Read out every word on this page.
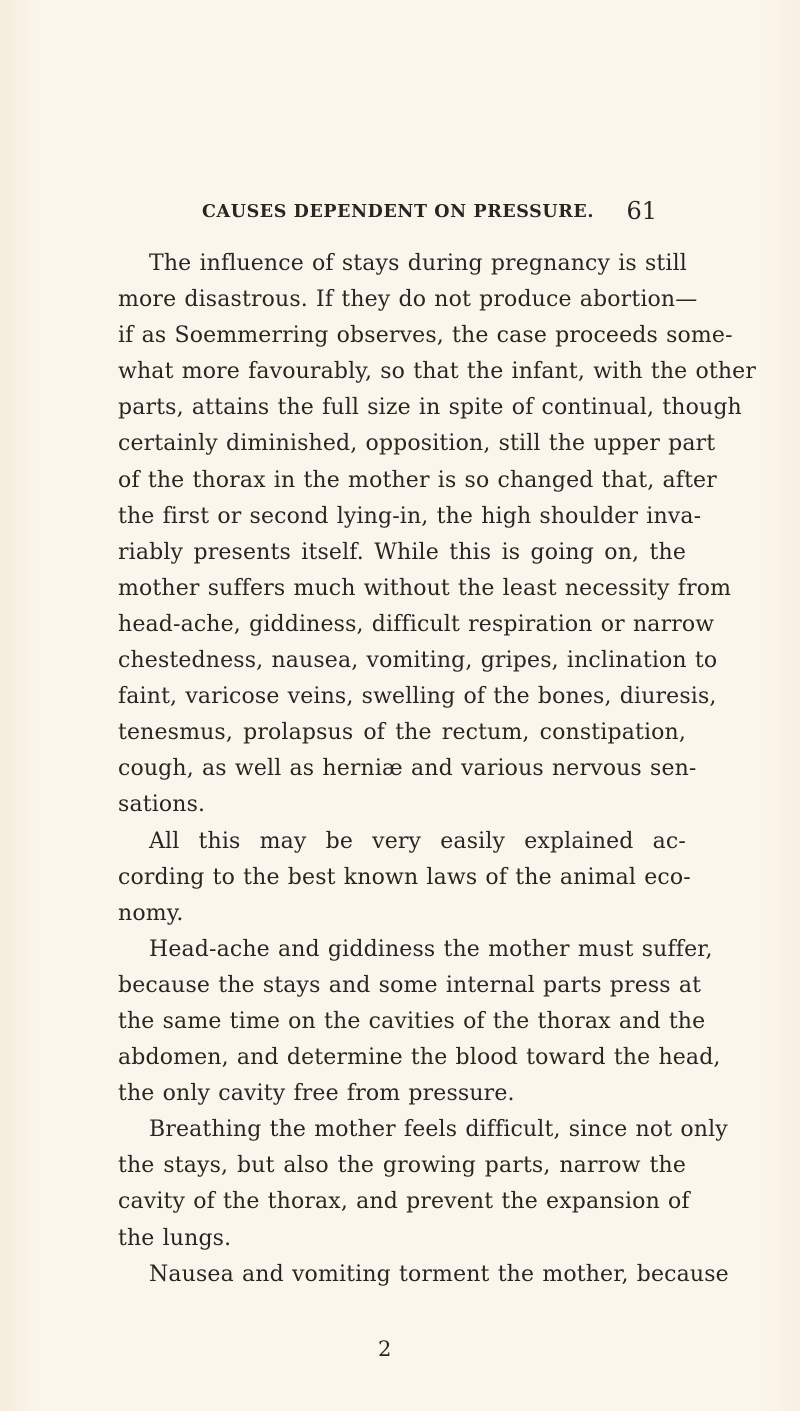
CAUSES DEPENDENT ON PRESSURE. 61
The influence of stays during pregnancy is still
more disastrous. If they do not produce abortion—
if as Soemmerring observes, the case proceeds some-
what more favourably, so that the infant, with the other
parts, attains the full size in spite of continual, though
certainly diminished, opposition, still the upper part
of the thorax in the mother is so changed that, after
the first or second lying-in, the high shoulder inva-
riably presents itself. While this is going on, the
mother suffers much without the least necessity from
head-ache, giddiness, difficult respiration or narrow
chestedness, nausea, vomiting, gripes, inclination to
faint, varicose veins, swelling of the bones, diuresis,
tenesmus, prolapsus of the rectum, constipation,
cough, as well as herniæ and various nervous sen-
sations.
All this may be very easily explained ac-
cording to the best known laws of the animal eco-
nomy.
Head-ache and giddiness the mother must suffer,
because the stays and some internal parts press at
the same time on the cavities of the thorax and the
abdomen, and determine the blood toward the head,
the only cavity free from pressure.
Breathing the mother feels difficult, since not only
the stays, but also the growing parts, narrow the
cavity of the thorax, and prevent the expansion of
the lungs.
Nausea and vomiting torment the mother, because
2
